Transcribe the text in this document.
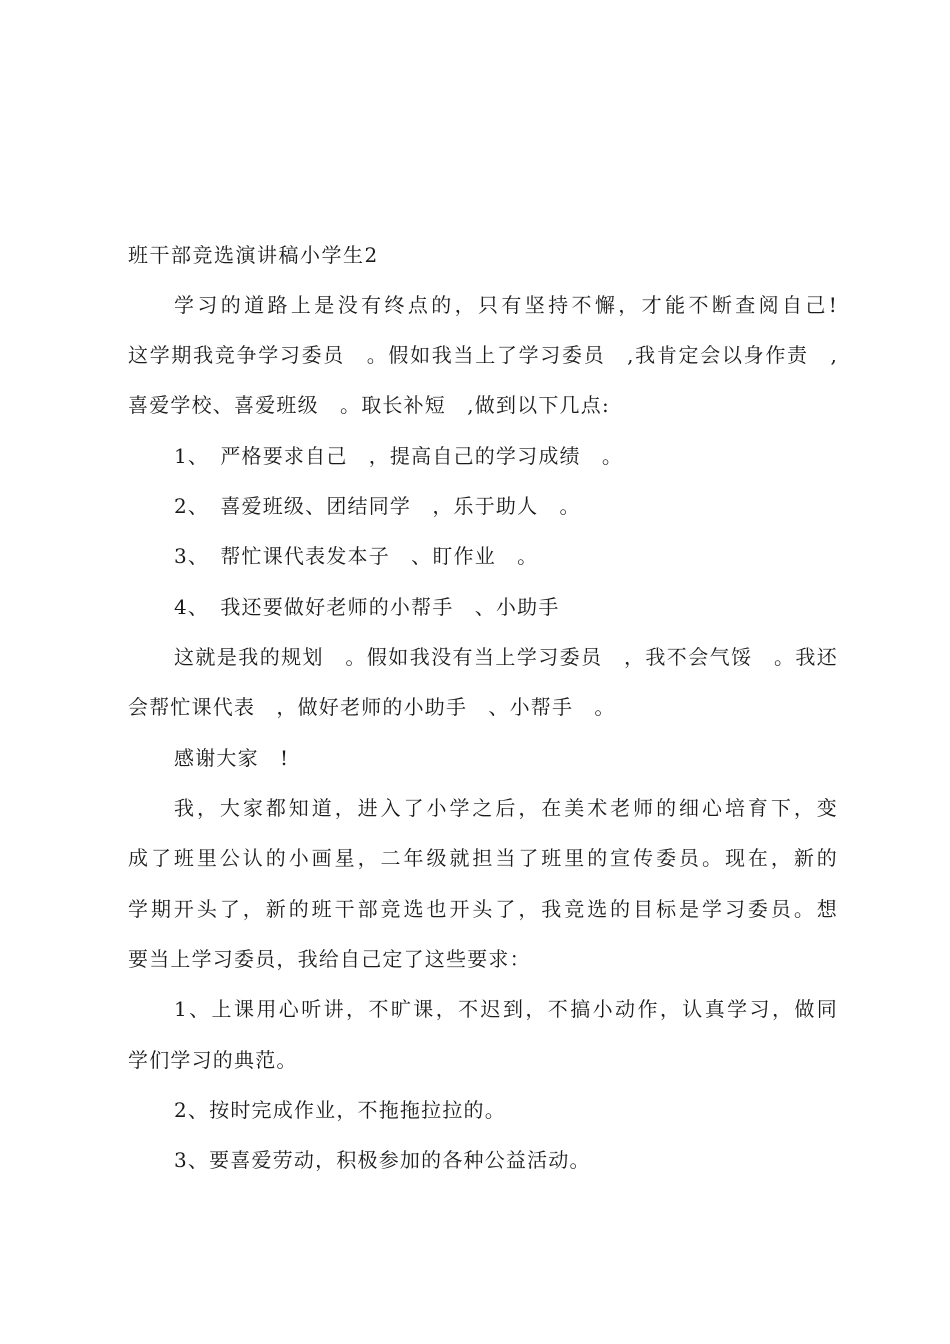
班干部竞选演讲稿小学生2
学习的道路上是没有终点的，只有坚持不懈，才能不断查阅自己!
这学期我竞争学习委员　。假如我当上了学习委员　,我肯定会以身作责　,
喜爱学校、喜爱班级　。取长补短　,做到以下几点:
1、　严格要求自己　，提高自己的学习成绩　。
2、　喜爱班级、团结同学　，乐于助人　。
3、　帮忙课代表发本子　、盯作业　。
4、　我还要做好老师的小帮手　、小助手
这就是我的规划　。假如我没有当上学习委员　，我不会气馁　。我还
会帮忙课代表　，做好老师的小助手　、小帮手　。
感谢大家　!
我，大家都知道，进入了小学之后，在美术老师的细心培育下，变
成了班里公认的小画星，二年级就担当了班里的宣传委员。现在，新的
学期开头了，新的班干部竞选也开头了，我竞选的目标是学习委员。想
要当上学习委员，我给自己定了这些要求：
1、上课用心听讲，不旷课，不迟到，不搞小动作，认真学习，做同
学们学习的典范。
2、按时完成作业，不拖拖拉拉的。
3、要喜爱劳动，积极参加的各种公益活动。
